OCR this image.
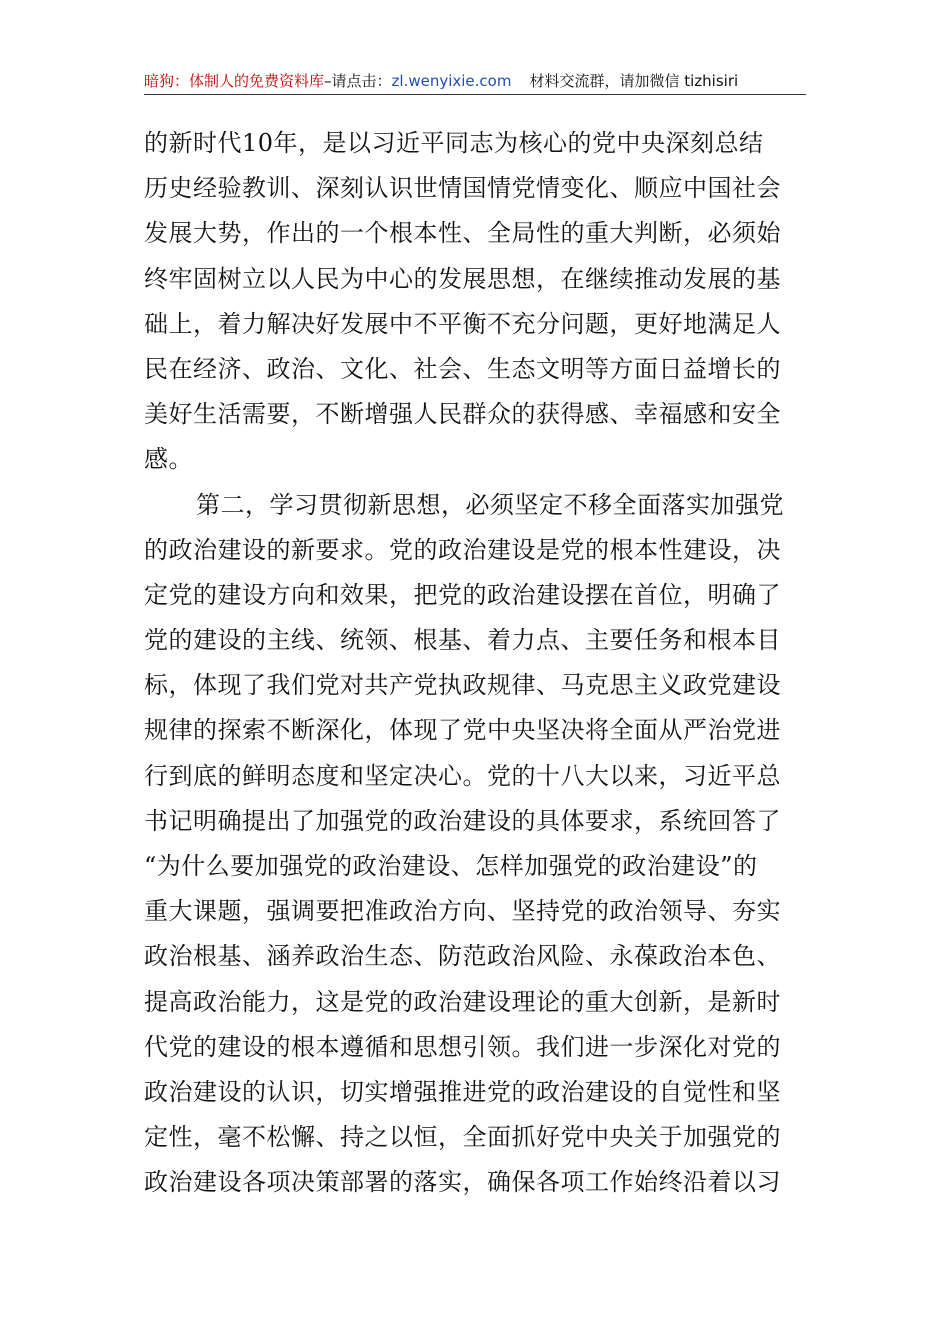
暗狗：体制人的免费资料库–请点击：zl.wenyixie.com 材料交流群，请加微信 tizhisiri
的新时代10年，是以习近平同志为核心的党中央深刻总结
历史经验教训、深刻认识世情国情党情变化、顺应中国社会
发展大势，作出的一个根本性、全局性的重大判断，必须始
终牢固树立以人民为中心的发展思想，在继续推动发展的基
础上，着力解决好发展中不平衡不充分问题，更好地满足人
民在经济、政治、文化、社会、生态文明等方面日益增长的
美好生活需要，不断增强人民群众的获得感、幸福感和安全
感。
第二，学习贯彻新思想，必须坚定不移全面落实加强党
的政治建设的新要求。党的政治建设是党的根本性建设，决
定党的建设方向和效果，把党的政治建设摆在首位，明确了
党的建设的主线、统领、根基、着力点、主要任务和根本目
标，体现了我们党对共产党执政规律、马克思主义政党建设
规律的探索不断深化，体现了党中央坚决将全面从严治党进
行到底的鲜明态度和坚定决心。党的十八大以来，习近平总
书记明确提出了加强党的政治建设的具体要求，系统回答了
“为什么要加强党的政治建设、怎样加强党的政治建设”的
重大课题，强调要把准政治方向、坚持党的政治领导、夯实
政治根基、涵养政治生态、防范政治风险、永葆政治本色、
提高政治能力，这是党的政治建设理论的重大创新，是新时
代党的建设的根本遵循和思想引领。我们进一步深化对党的
政治建设的认识，切实增强推进党的政治建设的自觉性和坚
定性，毫不松懈、持之以恒，全面抓好党中央关于加强党的
政治建设各项决策部署的落实，确保各项工作始终沿着以习
